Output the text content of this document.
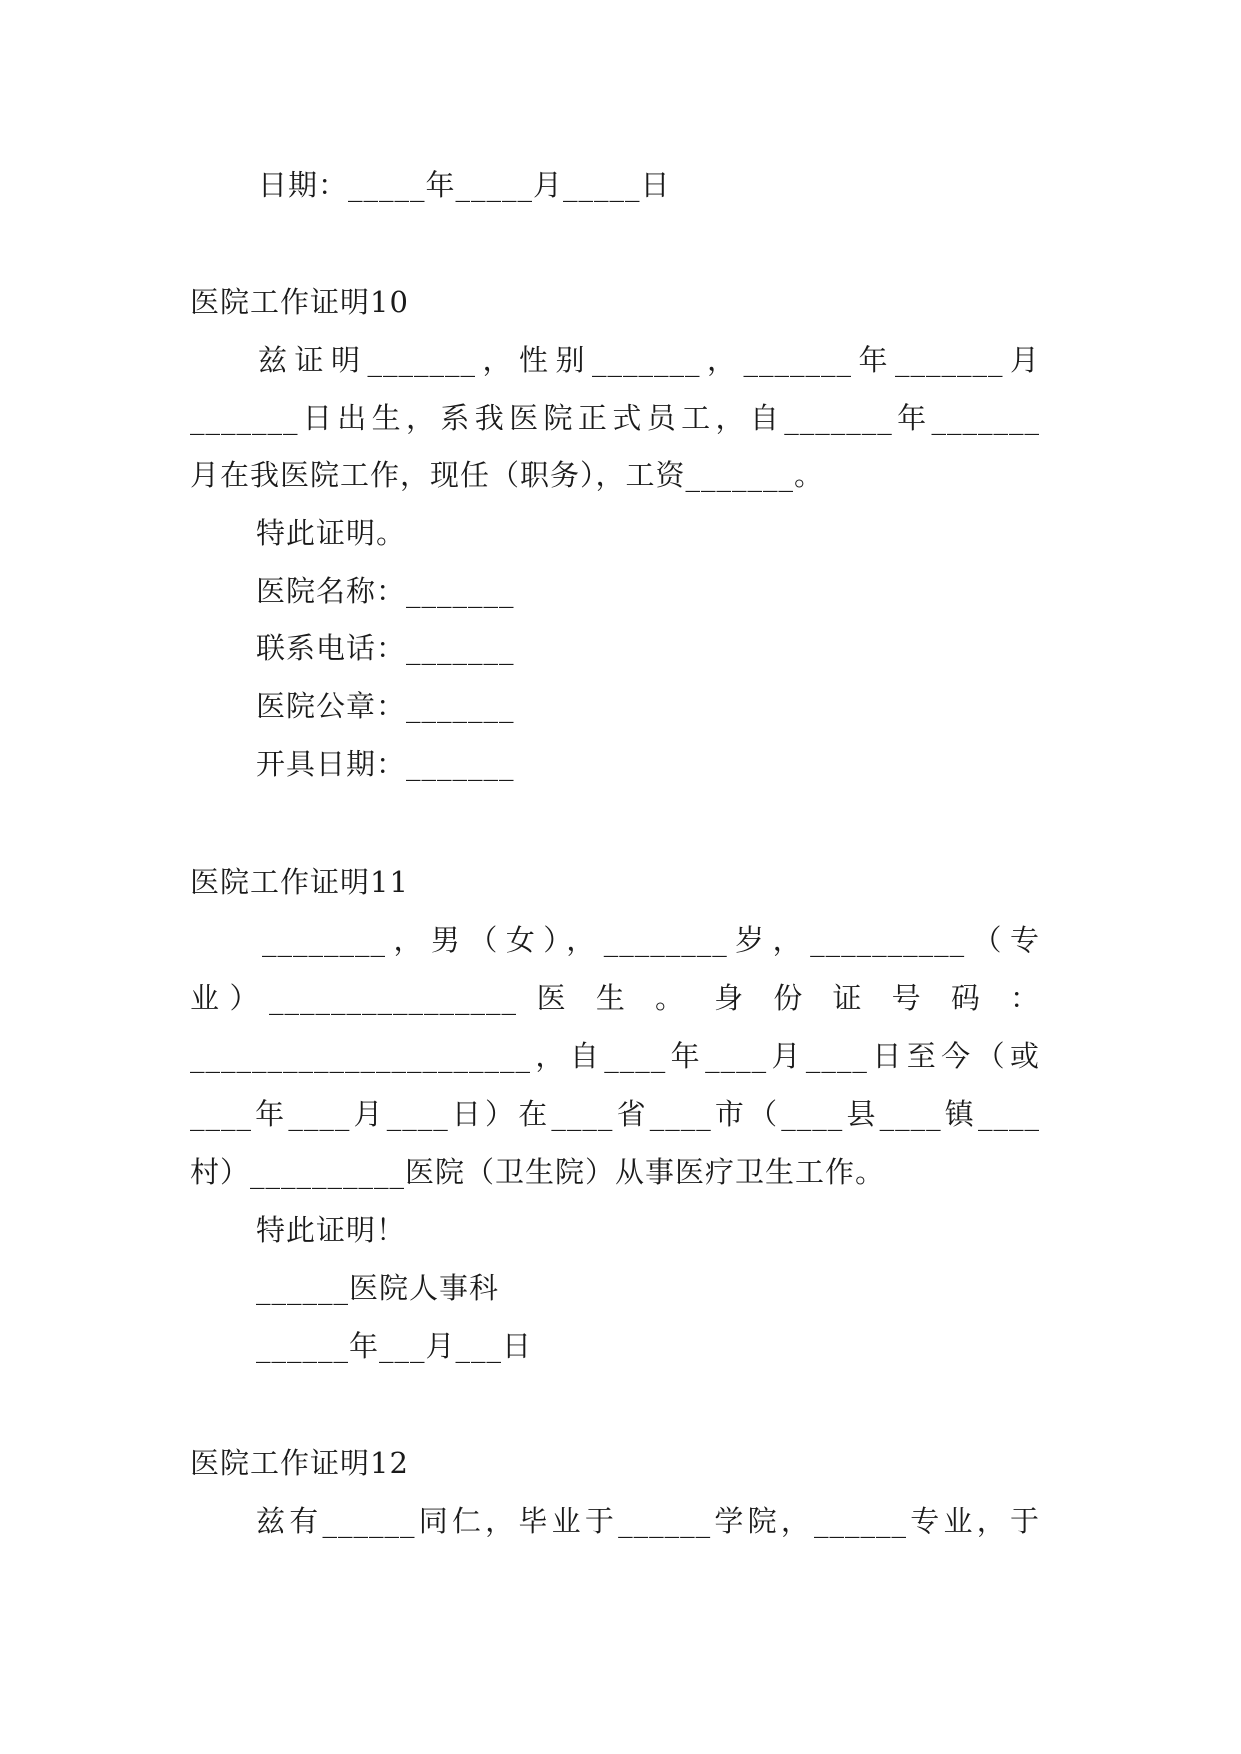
日期：_____年_____月_____日
医院工作证明10
兹证明_______，性别_______，_______年_______月
_______日出生，系我医院正式员工，自_______年_______
月在我医院工作，现任（职务），工资_______。
特此证明。
医院名称：_______
联系电话：_______
医院公章：_______
开具日期：_______
医院工作证明11
________，男（女），________岁，__________（专
业）________________ 医 生 。 身 份 证 号 码 ：
______________________，自____年____月____日至今（或
____年____月____日）在____省____市（____县____镇____
村）__________医院（卫生院）从事医疗卫生工作。
特此证明！
______医院人事科
______年___月___日
医院工作证明12
兹有______同仁，毕业于______学院，______专业，于
